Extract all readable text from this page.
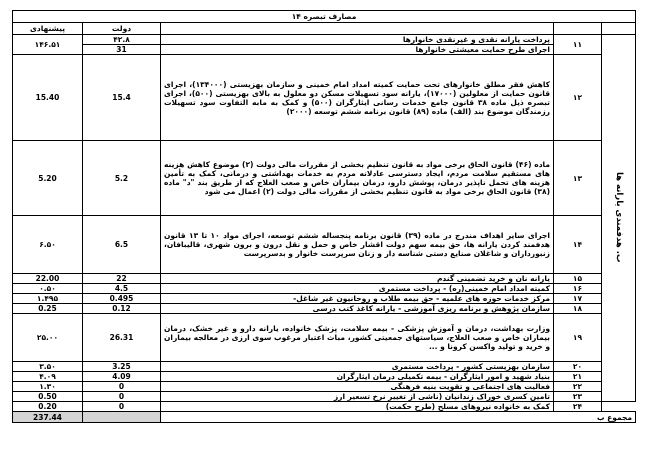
مصارف تبصره ۱۴				
پیشنهادی	دولت			
۱۴۶.۵۱	۴۲.۸	پرداخت یارانه نقدی و غیرنقدی خانوارها	۱۱	ب. هدفمندی یارانه ها
	31	اجرای طرح حمایت معیشتی خانوارها		
15.40	15.4	کاهش فقر مطلق خانوارهای تحت حمایت کمیته امداد امام خمینی و سازمان بهزیستی (۱۳۴۰۰۰)، اجرای قانون حمایت از معلولین (۱۷۰۰۰)، یارانه سود تسهیلات مسکن دو معلول به بالای بهزیستی (۵۰۰)، اجرای تبصره ذیل ماده ۳۸ قانون جامع خدمات رسانی ایثارگران (۵۰۰) و کمک به مابه التفاوت سود تسهیلات رزمندگان موضوع بند (الف) ماده (۸۹) قانون برنامه ششم توسعه (۲۰۰۰)	۱۲	
5.20	5.2	ماده (۴۶) قانون الحاق برخی مواد به قانون تنظیم بخشی از مقررات مالی دولت (۲) موضوع کاهش هزینه های مستقیم سلامت مردم، ایجاد دسترسی عادلانه مردم به خدمات بهداشتی و درمانی، کمک به تأمین هزینه های تحمل ناپذیر درمان، پوشش دارو، درمان بیماران خاص و صعب العلاج که از طریق بند "د" ماده (۳۸) قانون الحاق برخی مواد به قانون تنظیم بخشی از مقررات مالی دولت (۲) اعمال می شود	۱۳	
۶.۵۰	6.5	اجرای سایر اهداف مندرج در ماده (۳۹) قانون برنامه پنجساله ششم توسعه، اجرای مواد ۱۰ تا ۱۳ قانون هدفمند کردن یارانه ها، حق بیمه سهم دولت اقشار خاص و حمل و نقل درون و برون شهری، قالیبافان، زنبورداران و شاغلان صنایع دستی شناسه دار و زنان سرپرست خانوار و بدسرپرست	۱۴	
22.00	22	یارانه نان و خرید تضمینی گندم	۱۵	
۰.۵۰	4.5	کمیته امداد امام خمینی(ره) - پرداخت مستمری	۱۶	
۱.۴۹۵	0.495	مرکز خدمات حوزه های علمیه - حق بیمه طلاب و روحانیون غیر شاغل-	۱۷	
0.25	0.12	سازمان پژوهش و برنامه ریزی آموزشی - یارانه کاغذ کتب درسی	۱۸	
۲۵.۰۰	26.31	وزارت بهداشت، درمان و آموزش پزشکی - بیمه سلامت، پزشک خانواده، یارانه دارو و غیر خشک، درمان بیماران خاص و صعب العلاج، سیاستهای جمعیتی کشور، مباث اعتبار مرغوب سوی ارزی در معالجه بیماران و خرید و تولید واکسن کرونا و ...	۱۹	
۳.۵۰	3.25	سازمان بهزیستی کشور - پرداخت مستمری	۲۰	
۴.۰۹	4.09	بنیاد شهید و امور ایثارگران - بیمه تکمیلی درمان ایثارگران	۲۱	
۱.۳۰	0	فعالیت های اجتماعی و تقویت بنیه فرهنگی	۲۲	
0.50	0	تامین کسری خوراک زندانیان (ناشی از تغییر نرخ تسعیر ارز	۲۳	
0.20	0	کمک به خانواده نیروهای مسلح (طرح حکمت)	۲۴	
237.44		مجموع ب		
